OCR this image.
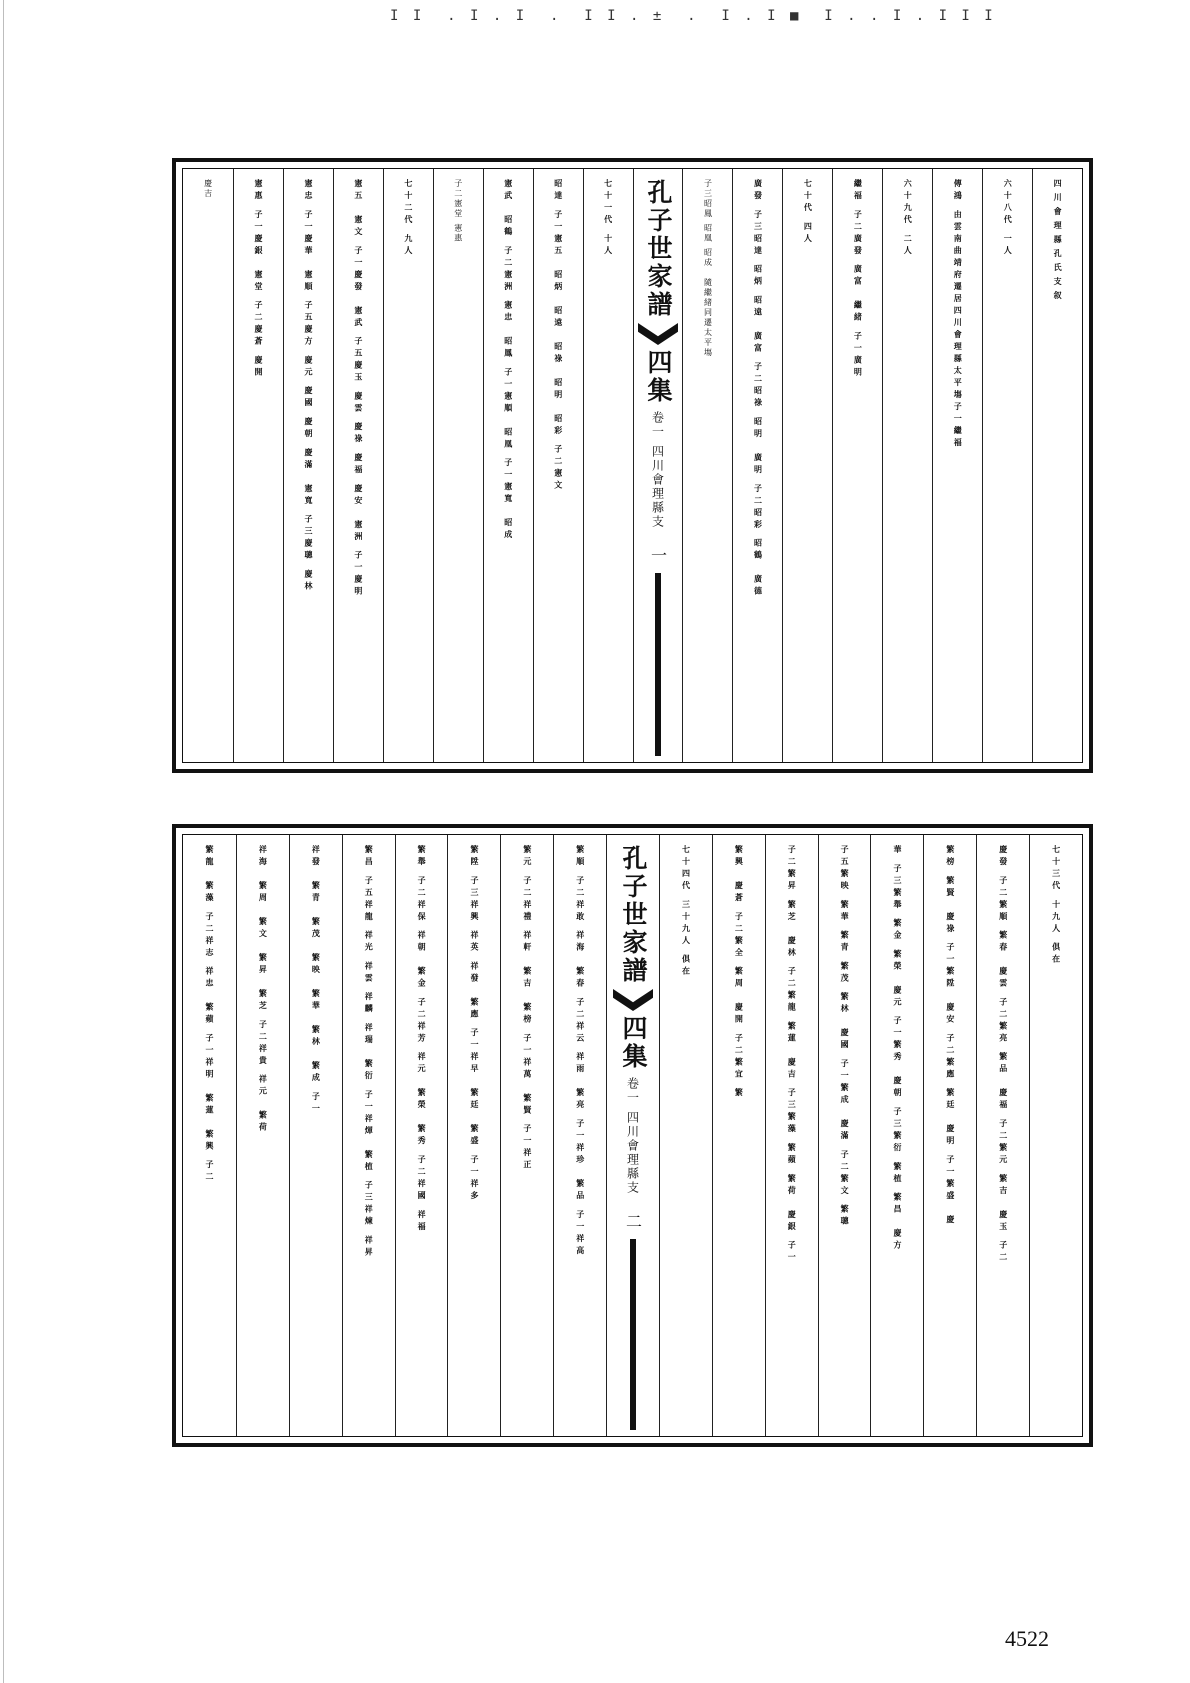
I I  . I . I  .  I I . ±  .  I . I ■  I . . I . I I I
四川會理縣孔氏支叙
六十八代 一人
傳鴻 由雲南曲靖府遷居四川會理縣太平塲子一繼福
六十九代 二人
繼福 子二廣發 廣富　繼緒 子一廣明
七十代 四人
廣發 子三昭達 昭炳 昭遠　廣富 子二昭祿 昭明　廣明 子二昭彩 昭鶴　廣德
子三昭鳳 昭凰 昭成　隨繼緒同遷太平塲
孔子世家譜
四集
卷一 四川會理縣支
一
七十一代 十人
昭達 子一憲五　昭炳　昭遠　昭祿　昭明　昭彩 子二憲文
憲武　昭鶴 子二憲洲 憲忠　昭鳳 子一憲順　昭凰 子一憲寬　昭成
子二憲堂 憲惠
七十二代 九人
憲五　憲文 子一慶發　憲武 子五慶玉 慶雲 慶祿 慶福 慶安　憲洲 子一慶明
憲忠 子一慶華　憲順 子五慶方 慶元 慶國 慶朝 慶滿　憲寬 子三慶聰 慶林
憲惠 子一慶銀　憲堂 子二慶蒼 慶開
慶吉
七十三代 十九人 俱在
慶發 子二繁順 繁春　慶雲 子二繁亮 繁品　慶福 子二繁元 繁吉　慶玉 子二
繁榜 繁賢　慶祿 子一繁陞　慶安 子二繁應 繁廷　慶明 子一繁盛　慶
華 子三繁舉 繁金 繁榮　慶元 子一繁秀　慶朝 子三繁衍 繁植 繁昌　慶方
子五繁映 繁華 繁青 繁茂 繁林　慶國 子一繁成　慶滿 子二繁文 繁聰
子二繁昇 繁芝　慶林 子二繁龍 繁蓮　慶吉 子三繁藻 繁蘋 繁荷　慶銀 子一
繁興　慶蒼 子二繁全 繁周　慶開 子二繁宜 繁　
七十四代 三十九人 俱在
孔子世家譜
四集
卷一 四川會理縣支
二
繁順 子二祥敢 祥海　繁春 子二祥云 祥雨　繁亮 子一祥珍　繁品 子一祥高
繁元 子二祥禮 祥軒　繁吉　繁榜 子一祥萬　繁賢 子一祥正
繁陞 子三祥興 祥英 祥發　繁應 子一祥早　繁廷　繁盛 子一祥多
繁舉 子二祥保 祥朝　繁金 子二祥芳 祥元　繁榮　繁秀 子二祥國 祥福
繁昌 子五祥龍 祥光 祥雲 祥麟 祥瑞　繁衍 子一祥煇　繁植 子三祥煉 祥昇
祥發　繁青　繁茂　繁映　繁華　繁林　繁成 子一
祥海　繁周　繁文　繁昇　繁芝 子二祥貴 祥元　繁荷
繁龍　繁藻 子二祥志 祥忠　繁蘋 子一祥明　繁蓮　繁興 子二
4522
